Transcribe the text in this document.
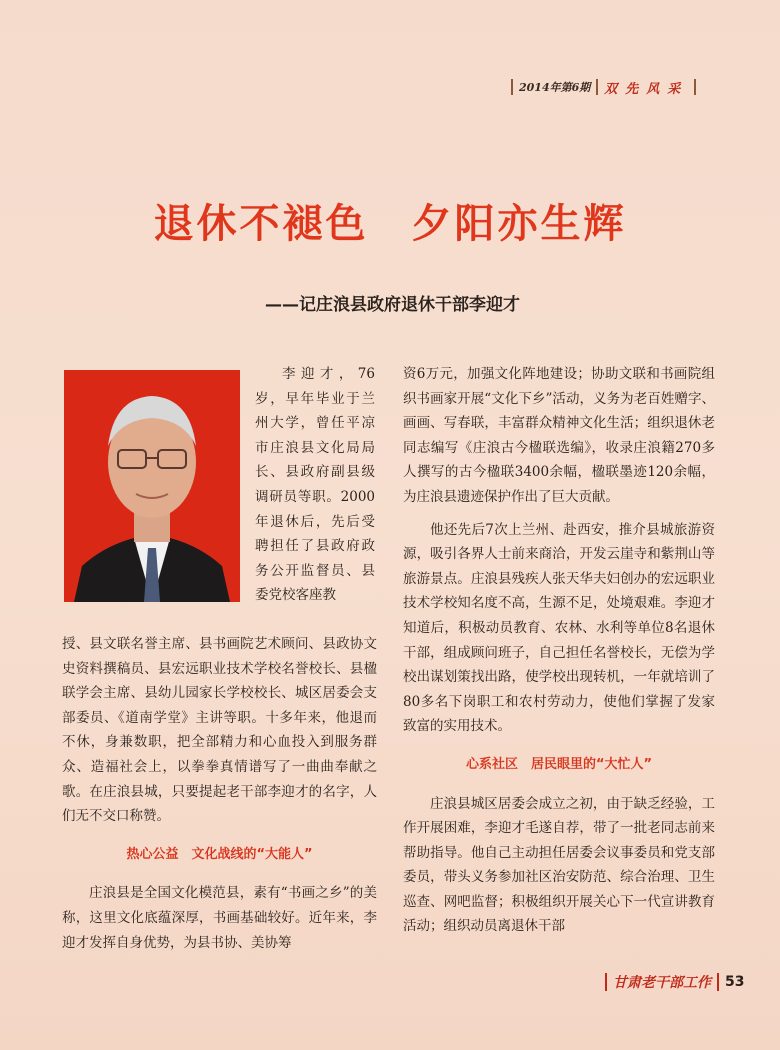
2014年第6期 双先风采
退休不褪色　夕阳亦生辉
——记庄浪县政府退休干部李迎才

李迎才，76岁，早年毕业于兰州大学，曾任平凉市庄浪县文化局局长、县政府副县级调研员等职。2000年退休后，先后受聘担任了县政府政务公开监督员、县委党校客座教

授、县文联名誉主席、县书画院艺术顾问、县政协文史资料撰稿员、县宏远职业技术学校名誉校长、县楹联学会主席、县幼儿园家长学校校长、城区居委会支部委员、《道南学堂》主讲等职。十多年来，他退而不休，身兼数职，把全部精力和心血投入到服务群众、造福社会上，以拳拳真情谱写了一曲曲奉献之歌。在庄浪县城，只要提起老干部李迎才的名字，人们无不交口称赞。

热心公益　文化战线的“大能人”

庄浪县是全国文化模范县，素有“书画之乡”的美称，这里文化底蕴深厚，书画基础较好。近年来，李迎才发挥自身优势，为县书协、美协筹

资6万元，加强文化阵地建设；协助文联和书画院组织书画家开展“文化下乡”活动，义务为老百姓赠字、画画、写春联，丰富群众精神文化生活；组织退休老同志编写《庄浪古今楹联选编》，收录庄浪籍270多人撰写的古今楹联3400余幅，楹联墨迹120余幅，为庄浪县遗迹保护作出了巨大贡献。

他还先后7次上兰州、赴西安，推介县城旅游资源，吸引各界人士前来商洽，开发云崖寺和紫荆山等旅游景点。庄浪县残疾人张天华夫妇创办的宏远职业技术学校知名度不高，生源不足，处境艰难。李迎才知道后，积极动员教育、农林、水利等单位8名退休干部，组成顾问班子，自己担任名誉校长，无偿为学校出谋划策找出路，使学校出现转机，一年就培训了80多名下岗职工和农村劳动力，使他们掌握了发家致富的实用技术。

心系社区　居民眼里的“大忙人”

庄浪县城区居委会成立之初，由于缺乏经验，工作开展困难，李迎才毛遂自荐，带了一批老同志前来帮助指导。他自己主动担任居委会议事委员和党支部委员，带头义务参加社区治安防范、综合治理、卫生巡查、网吧监督；积极组织开展关心下一代宣讲教育活动；组织动员离退休干部

甘肃老干部工作 53
